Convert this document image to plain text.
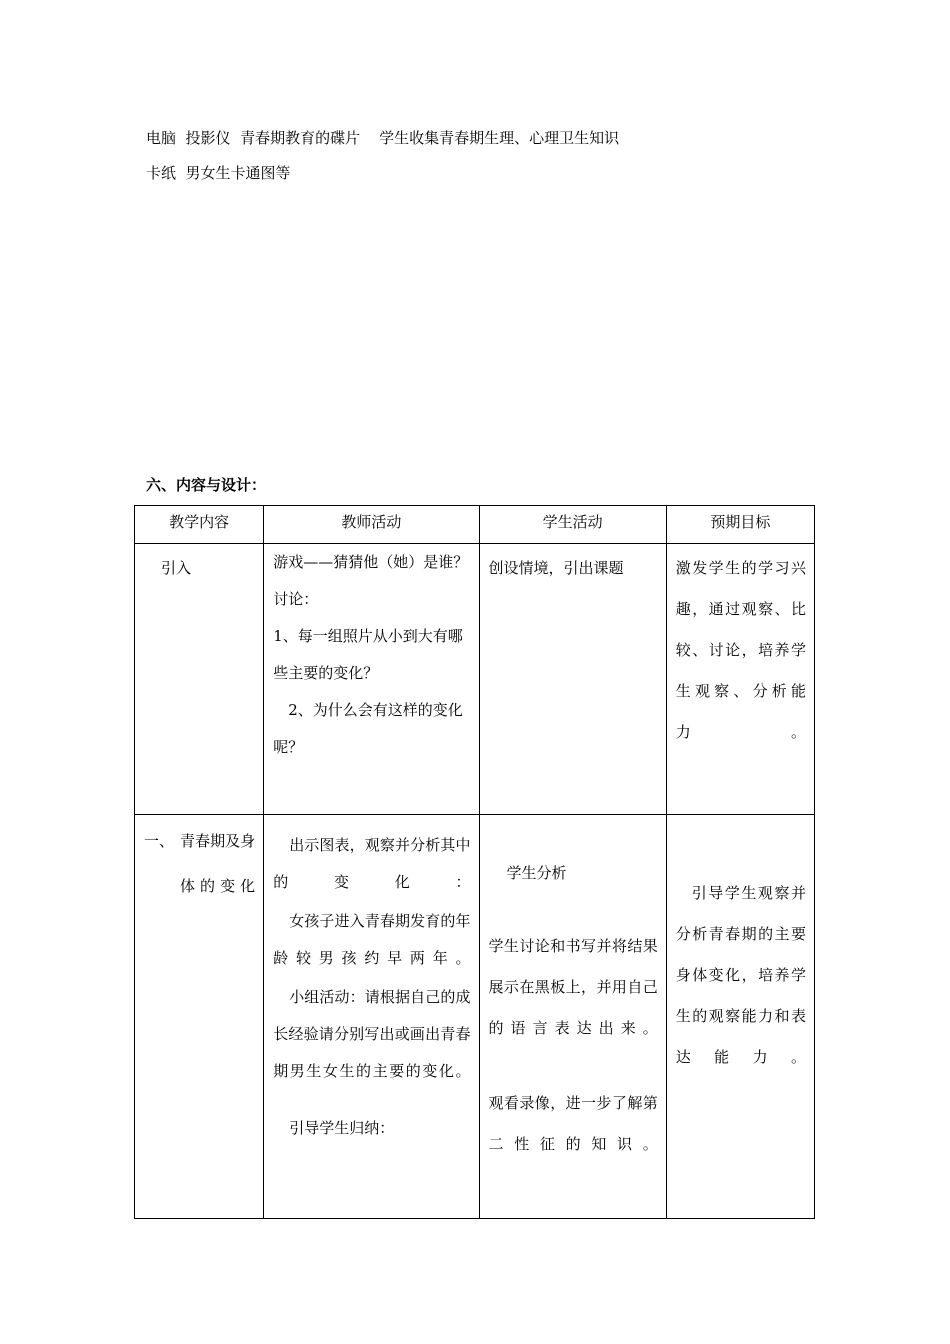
电脑  投影仪  青春期教育的碟片    学生收集青春期生理、心理卫生知识
卡纸  男女生卡通图等
六、内容与设计：
教学内容	教师活动	学生活动	预期目标

引入	游戏——猜猜他（她）是谁？
讨论：
1、每一组照片从小到大有哪些主要的变化？
2、为什么会有这样的变化呢？	创设情境，引出课题	激发学生的学习兴趣，通过观察、比较、讨论，培养学生观察、分析能力。

一、 青春期及身体的变化	出示图表，观察并分析其中的变化：
女孩子进入青春期发育的年龄较男孩约早两年。
小组活动：请根据自己的成长经验请分别写出或画出青春期男生女生的主要的变化。
引导学生归纳：	学生分析
学生讨论和书写并将结果展示在黑板上，并用自己的语言表达出来。
观看录像，进一步了解第二性征的知识。	引导学生观察并分析青春期的主要身体变化，培养学生的观察能力和表达能力。
